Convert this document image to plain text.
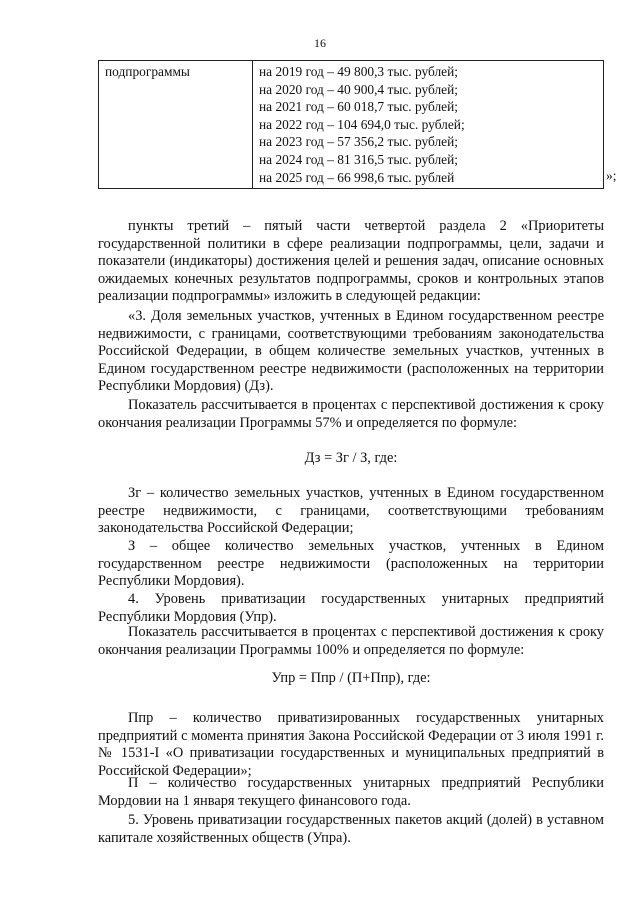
16
подпрограммы	на 2019 год – 49 800,3 тыс. рублей;
на 2020 год – 40 900,4 тыс. рублей;
на 2021 год – 60 018,7 тыс. рублей;
на 2022 год – 104 694,0 тыс. рублей;
на 2023 год – 57 356,2 тыс. рублей;
на 2024 год – 81 316,5 тыс. рублей;
на 2025 год – 66 998,6 тыс. рублей	»;

пункты третий – пятый части четвертой раздела 2 «Приоритеты государственной политики в сфере реализации подпрограммы, цели, задачи и показатели (индикаторы) достижения целей и решения задач, описание основных ожидаемых конечных результатов подпрограммы, сроков и контрольных этапов реализации подпрограммы» изложить в следующей редакции:

«3. Доля земельных участков, учтенных в Едином государственном реестре недвижимости, с границами, соответствующими требованиям законодательства Российской Федерации, в общем количестве земельных участков, учтенных в Едином государственном реестре недвижимости (расположенных на территории Республики Мордовия) (Дз).

Показатель рассчитывается в процентах с перспективой достижения к сроку окончания реализации Программы 57% и определяется по формуле:

Дз = Зг / З, где:

Зг – количество земельных участков, учтенных в Едином государственном реестре недвижимости, с границами, соответствующими требованиям законодательства Российской Федерации;

З – общее количество земельных участков, учтенных в Едином государственном реестре недвижимости (расположенных на территории Республики Мордовия).

4. Уровень приватизации государственных унитарных предприятий Республики Мордовия (Упр).

Показатель рассчитывается в процентах с перспективой достижения к сроку окончания реализации Программы 100% и определяется по формуле:

Упр = Ппр / (П+Ппр), где:

Ппр – количество приватизированных государственных унитарных предприятий с момента принятия Закона Российской Федерации от 3 июля 1991 г. № 1531-I «О приватизации государственных и муниципальных предприятий в Российской Федерации»;

П – количество государственных унитарных предприятий Республики Мордовии на 1 января текущего финансового года.

5. Уровень приватизации государственных пакетов акций (долей) в уставном капитале хозяйственных обществ (Упра).
